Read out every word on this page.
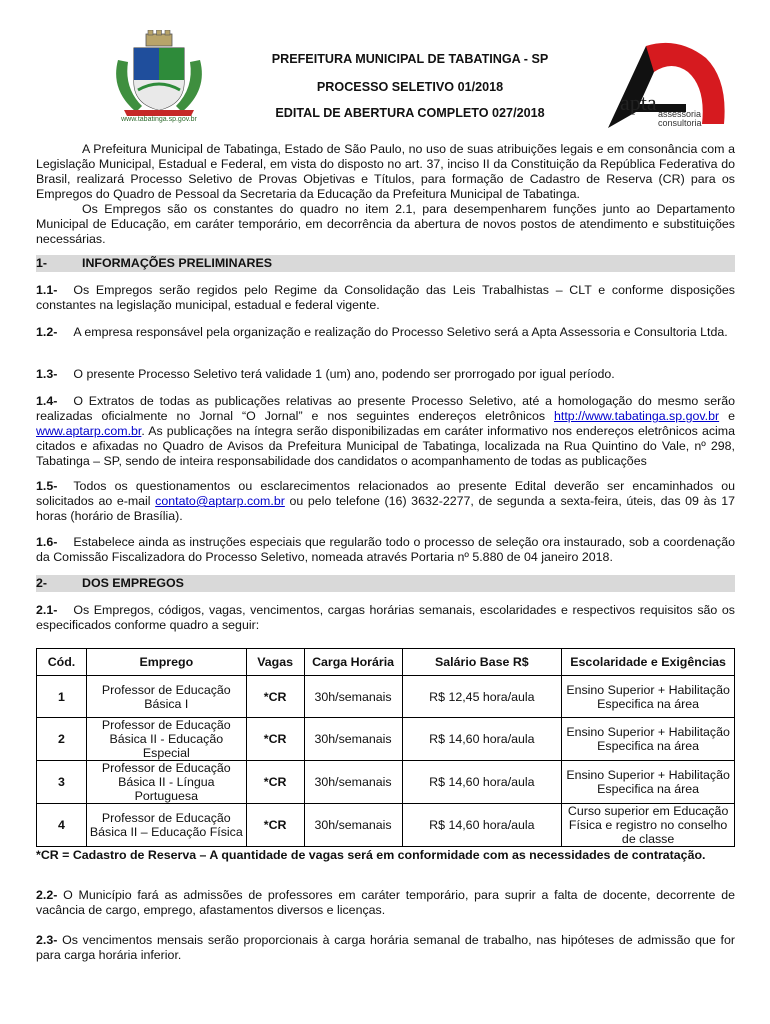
www.tabatinga.sp.gov.br
PREFEITURA MUNICIPAL DE TABATINGA - SP
PROCESSO SELETIVO 01/2018
EDITAL DE ABERTURA COMPLETO 027/2018	apta assessoria
consultoria

A Prefeitura Municipal de Tabatinga, Estado de São Paulo, no uso de suas atribuições legais e em consonância com a Legislação Municipal, Estadual e Federal, em vista do disposto no art. 37, inciso II da Constituição da República Federativa do Brasil, realizará Processo Seletivo de Provas Objetivas e Títulos, para formação de Cadastro de Reserva (CR) para os Empregos do Quadro de Pessoal da Secretaria da Educação da Prefeitura Municipal de Tabatinga.

Os Empregos são os constantes do quadro no item 2.1, para desempenharem funções junto ao Departamento Municipal de Educação, em caráter temporário, em decorrência da abertura de novos postos de atendimento e substituições necessárias.

1-	INFORMAÇÕES PRELIMINARES
1.1- Os Empregos serão regidos pelo Regime da Consolidação das Leis Trabalhistas – CLT e conforme disposições constantes na legislação municipal, estadual e federal vigente.
1.2- A empresa responsável pela organização e realização do Processo Seletivo será a Apta Assessoria e Consultoria Ltda.
1.3- O presente Processo Seletivo terá validade 1 (um) ano, podendo ser prorrogado por igual período.
1.4- O Extratos de todas as publicações relativas ao presente Processo Seletivo, até a homologação do mesmo serão realizadas oficialmente no Jornal “O Jornal” e nos seguintes endereços eletrônicos http://www.tabatinga.sp.gov.br e www.aptarp.com.br. As publicações na íntegra serão disponibilizadas em caráter informativo nos endereços eletrônicos acima citados e afixadas no Quadro de Avisos da Prefeitura Municipal de Tabatinga, localizada na Rua Quintino do Vale, nº 298, Tabatinga – SP, sendo de inteira responsabilidade dos candidatos o acompanhamento de todas as publicações
1.5- Todos os questionamentos ou esclarecimentos relacionados ao presente Edital deverão ser encaminhados ou solicitados ao e-mail contato@aptarp.com.br ou pelo telefone (16) 3632-2277, de segunda a sexta-feira, úteis, das 09 às 17 horas (horário de Brasília).
1.6- Estabelece ainda as instruções especiais que regularão todo o processo de seleção ora instaurado, sob a coordenação da Comissão Fiscalizadora do Processo Seletivo, nomeada através Portaria nº 5.880 de 04 janeiro 2018.
2-	DOS EMPREGOS
2.1- Os Empregos, códigos, vagas, vencimentos, cargas horárias semanais, escolaridades e respectivos requisitos são os especificados conforme quadro a seguir:
Cód.	Emprego	Vagas	Carga Horária	Salário Base R$	Escolaridade e Exigências
1	Professor de Educação Básica I	*CR	30h/semanais	R$ 12,45 hora/aula	Ensino Superior + Habilitação Especifica na área
2	Professor de Educação Básica II - Educação Especial	*CR	30h/semanais	R$ 14,60 hora/aula	Ensino Superior + Habilitação Especifica na área
3	Professor de Educação Básica II - Língua Portuguesa	*CR	30h/semanais	R$ 14,60 hora/aula	Ensino Superior + Habilitação Especifica na área
4	Professor de Educação Básica II – Educação Física	*CR	30h/semanais	R$ 14,60 hora/aula	Curso superior em Educação Física e registro no conselho de classe
*CR = Cadastro de Reserva – A quantidade de vagas será em conformidade com as necessidades de contratação.
2.2- O Município fará as admissões de professores em caráter temporário, para suprir a falta de docente, decorrente de vacância de cargo, emprego, afastamentos diversos e licenças.
2.3- Os vencimentos mensais serão proporcionais à carga horária semanal de trabalho, nas hipóteses de admissão que for para carga horária inferior.
